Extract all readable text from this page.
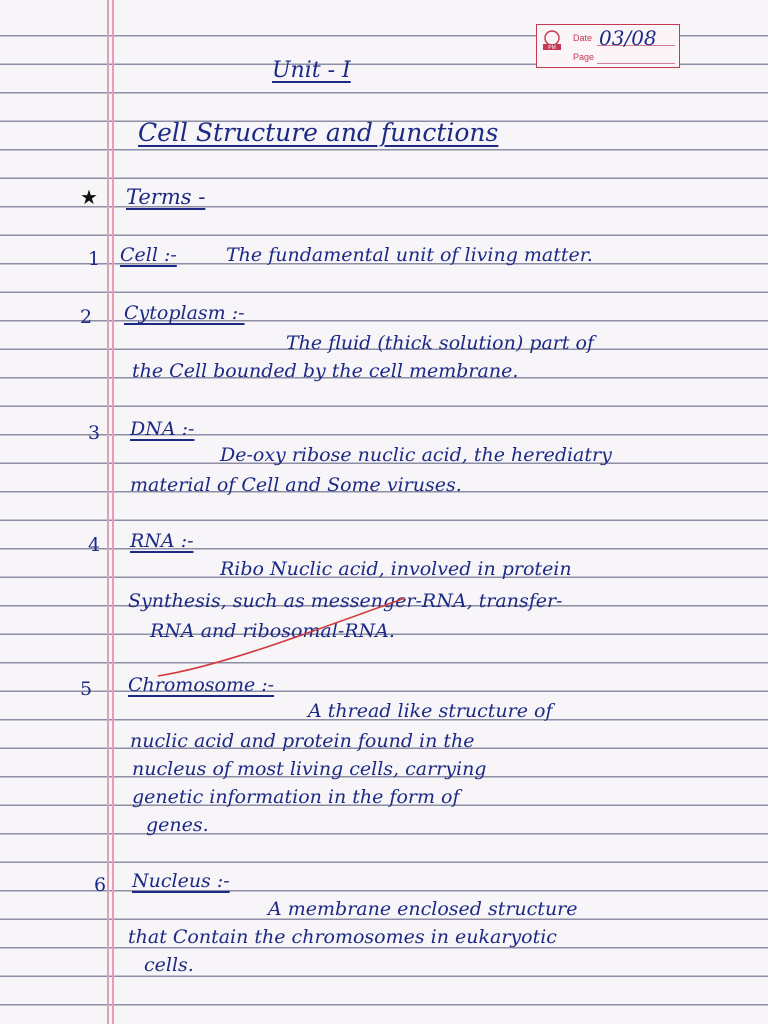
PM
Date
Page
03/08
Unit - I
Cell Structure and functions
★ Terms -
1 Cell :-	The fundamental unit of living matter.
2 Cytoplasm :-
The fluid (thick solution) part of
the Cell bounded by the cell membrane.
3 DNA :-
De-oxy ribose nuclic acid, the herediatry
material of Cell and Some viruses.
4 RNA :-
Ribo Nuclic acid, involved in protein
Synthesis, such as messenger-RNA, transfer-
RNA and ribosomal-RNA.
5 Chromosome :-
A thread like structure of
nuclic acid and protein found in the
nucleus of most living cells, carrying
genetic information in the form of
genes.
6 Nucleus :-
A membrane enclosed structure
that Contain the chromosomes in eukaryotic
cells.
